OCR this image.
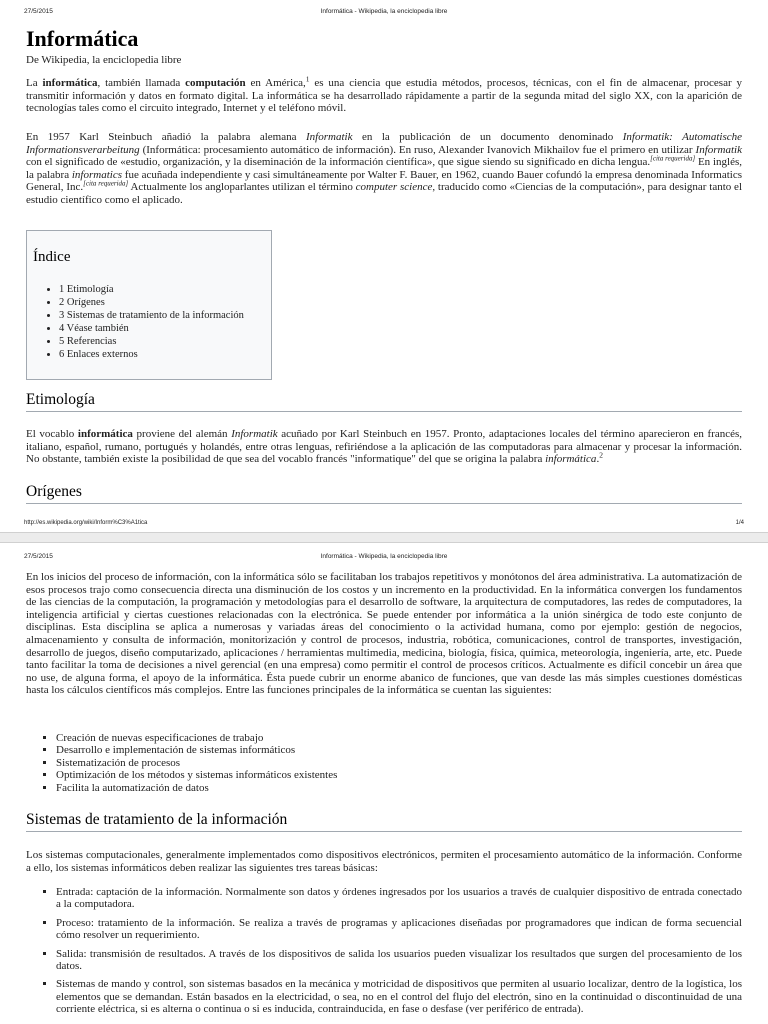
27/5/2015	Informática - Wikipedia, la enciclopedia libre
Informática
De Wikipedia, la enciclopedia libre

La informática, también llamada computación en América,$^1$ es una ciencia que estudia métodos, procesos, técnicas, con el fin de almacenar, procesar y transmitir información y datos en formato digital. La informática se ha desarrollado rápidamente a partir de la segunda mitad del siglo XX, con la aparición de tecnologías tales como el circuito integrado, Internet y el teléfono móvil.

En 1957 Karl Steinbuch añadió la palabra alemana Informatik en la publicación de un documento denominado Informatik: Automatische Informationsverarbeitung (Informática: procesamiento automático de información). En ruso, Alexander Ivanovich Mikhailov fue el primero en utilizar Informatik con el significado de «estudio, organización, y la diseminación de la información científica», que sigue siendo su significado en dicha lengua.[cita requerida] En inglés, la palabra informatics fue acuñada independiente y casi simultáneamente por Walter F. Bauer, en 1962, cuando Bauer cofundó la empresa denominada Informatics General, Inc.[cita requerida] Actualmente los angloparlantes utilizan el término computer science, traducido como «Ciencias de la computación», para designar tanto el estudio científico como el aplicado.

Índice
• 1 Etimología
• 2 Orígenes
• 3 Sistemas de tratamiento de la información
• 4 Véase también
• 5 Referencias
• 6 Enlaces externos
Etimología

El vocablo informática proviene del alemán Informatik acuñado por Karl Steinbuch en 1957. Pronto, adaptaciones locales del término aparecieron en francés, italiano, español, rumano, portugués y holandés, entre otras lenguas, refiriéndose a la aplicación de las computadoras para almacenar y procesar la información. No obstante, también existe la posibilidad de que sea del vocablo francés "informatique" del que se origina la palabra informática.$^2$

Orígenes
http://es.wikipedia.org/wiki/Inform%C3%A1tica	1/4
27/5/2015	Informática - Wikipedia, la enciclopedia libre

En los inicios del proceso de información, con la informática sólo se facilitaban los trabajos repetitivos y monótonos del área administrativa. La automatización de esos procesos trajo como consecuencia directa una disminución de los costos y un incremento en la productividad. En la informática convergen los fundamentos de las ciencias de la computación, la programación y metodologías para el desarrollo de software, la arquitectura de computadores, las redes de computadores, la inteligencia artificial y ciertas cuestiones relacionadas con la electrónica. Se puede entender por informática a la unión sinérgica de todo este conjunto de disciplinas. Esta disciplina se aplica a numerosas y variadas áreas del conocimiento o la actividad humana, como por ejemplo: gestión de negocios, almacenamiento y consulta de información, monitorización y control de procesos, industria, robótica, comunicaciones, control de transportes, investigación, desarrollo de juegos, diseño computarizado, aplicaciones / herramientas multimedia, medicina, biología, física, química, meteorología, ingeniería, arte, etc. Puede tanto facilitar la toma de decisiones a nivel gerencial (en una empresa) como permitir el control de procesos críticos. Actualmente es difícil concebir un área que no use, de alguna forma, el apoyo de la informática. Ésta puede cubrir un enorme abanico de funciones, que van desde las más simples cuestiones domésticas hasta los cálculos científicos más complejos. Entre las funciones principales de la informática se cuentan las siguientes:

▪ Creación de nuevas especificaciones de trabajo
▪ Desarrollo e implementación de sistemas informáticos
▪ Sistematización de procesos
▪ Optimización de los métodos y sistemas informáticos existentes
▪ Facilita la automatización de datos
Sistemas de tratamiento de la información

Los sistemas computacionales, generalmente implementados como dispositivos electrónicos, permiten el procesamiento automático de la información. Conforme a ello, los sistemas informáticos deben realizar las siguientes tres tareas básicas:

▪ Entrada: captación de la información. Normalmente son datos y órdenes ingresados por los usuarios a través de cualquier dispositivo de entrada conectado a la computadora.
▪ Proceso: tratamiento de la información. Se realiza a través de programas y aplicaciones diseñadas por programadores que indican de forma secuencial cómo resolver un requerimiento.
▪ Salida: transmisión de resultados. A través de los dispositivos de salida los usuarios pueden visualizar los resultados que surgen del procesamiento de los datos.
▪ Sistemas de mando y control, son sistemas basados en la mecánica y motricidad de dispositivos que permiten al usuario localizar, dentro de la logística, los elementos que se demandan. Están basados en la electricidad, o sea, no en el control del flujo del electrón, sino en la continuidad o discontinuidad de una corriente eléctrica, si es alterna o continua o si es inducida, contrainducida, en fase o desfase (ver periférico de entrada).
